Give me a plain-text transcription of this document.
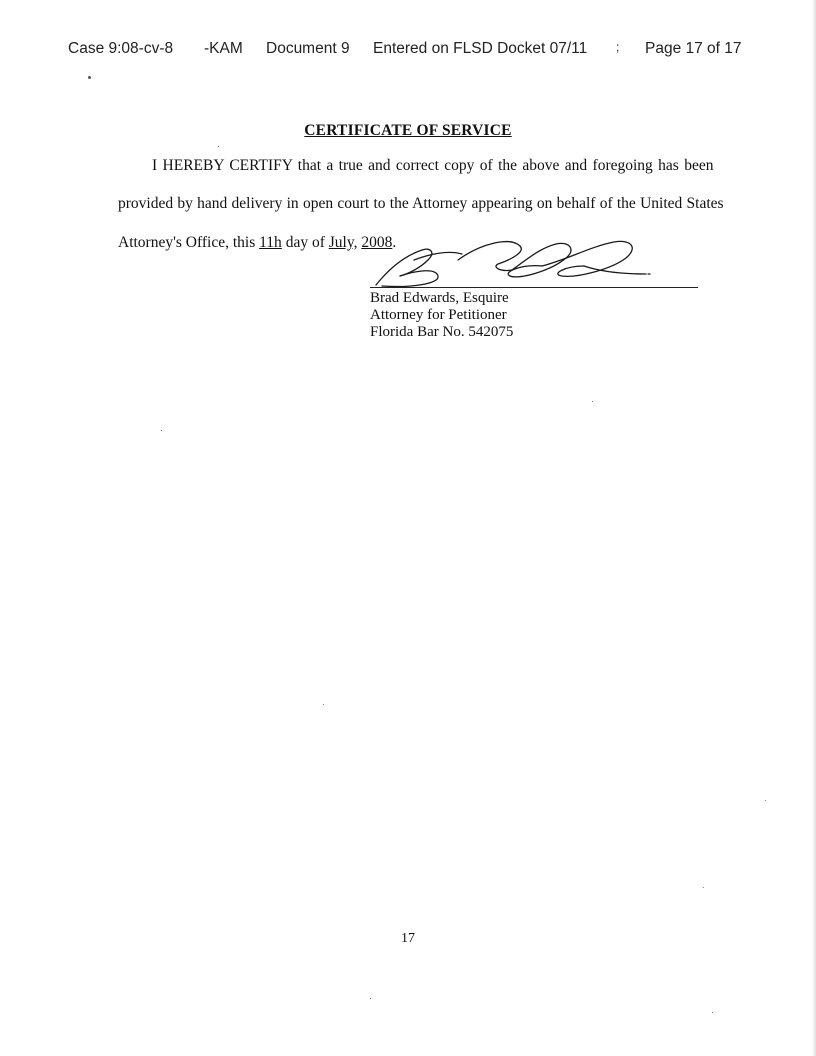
Case 9:08-cv-8 -KAM Document 9 Entered on FLSD Docket 07/11 ; Page 17 of 17
CERTIFICATE OF SERVICE
I HEREBY CERTIFY that a true and correct copy of the above and foregoing has been
provided by hand delivery in open court to the Attorney appearing on behalf of the United States
Attorney's Office, this 11h day of July, 2008.
Brad Edwards, Esquire
Attorney for Petitioner
Florida Bar No. 542075
17
